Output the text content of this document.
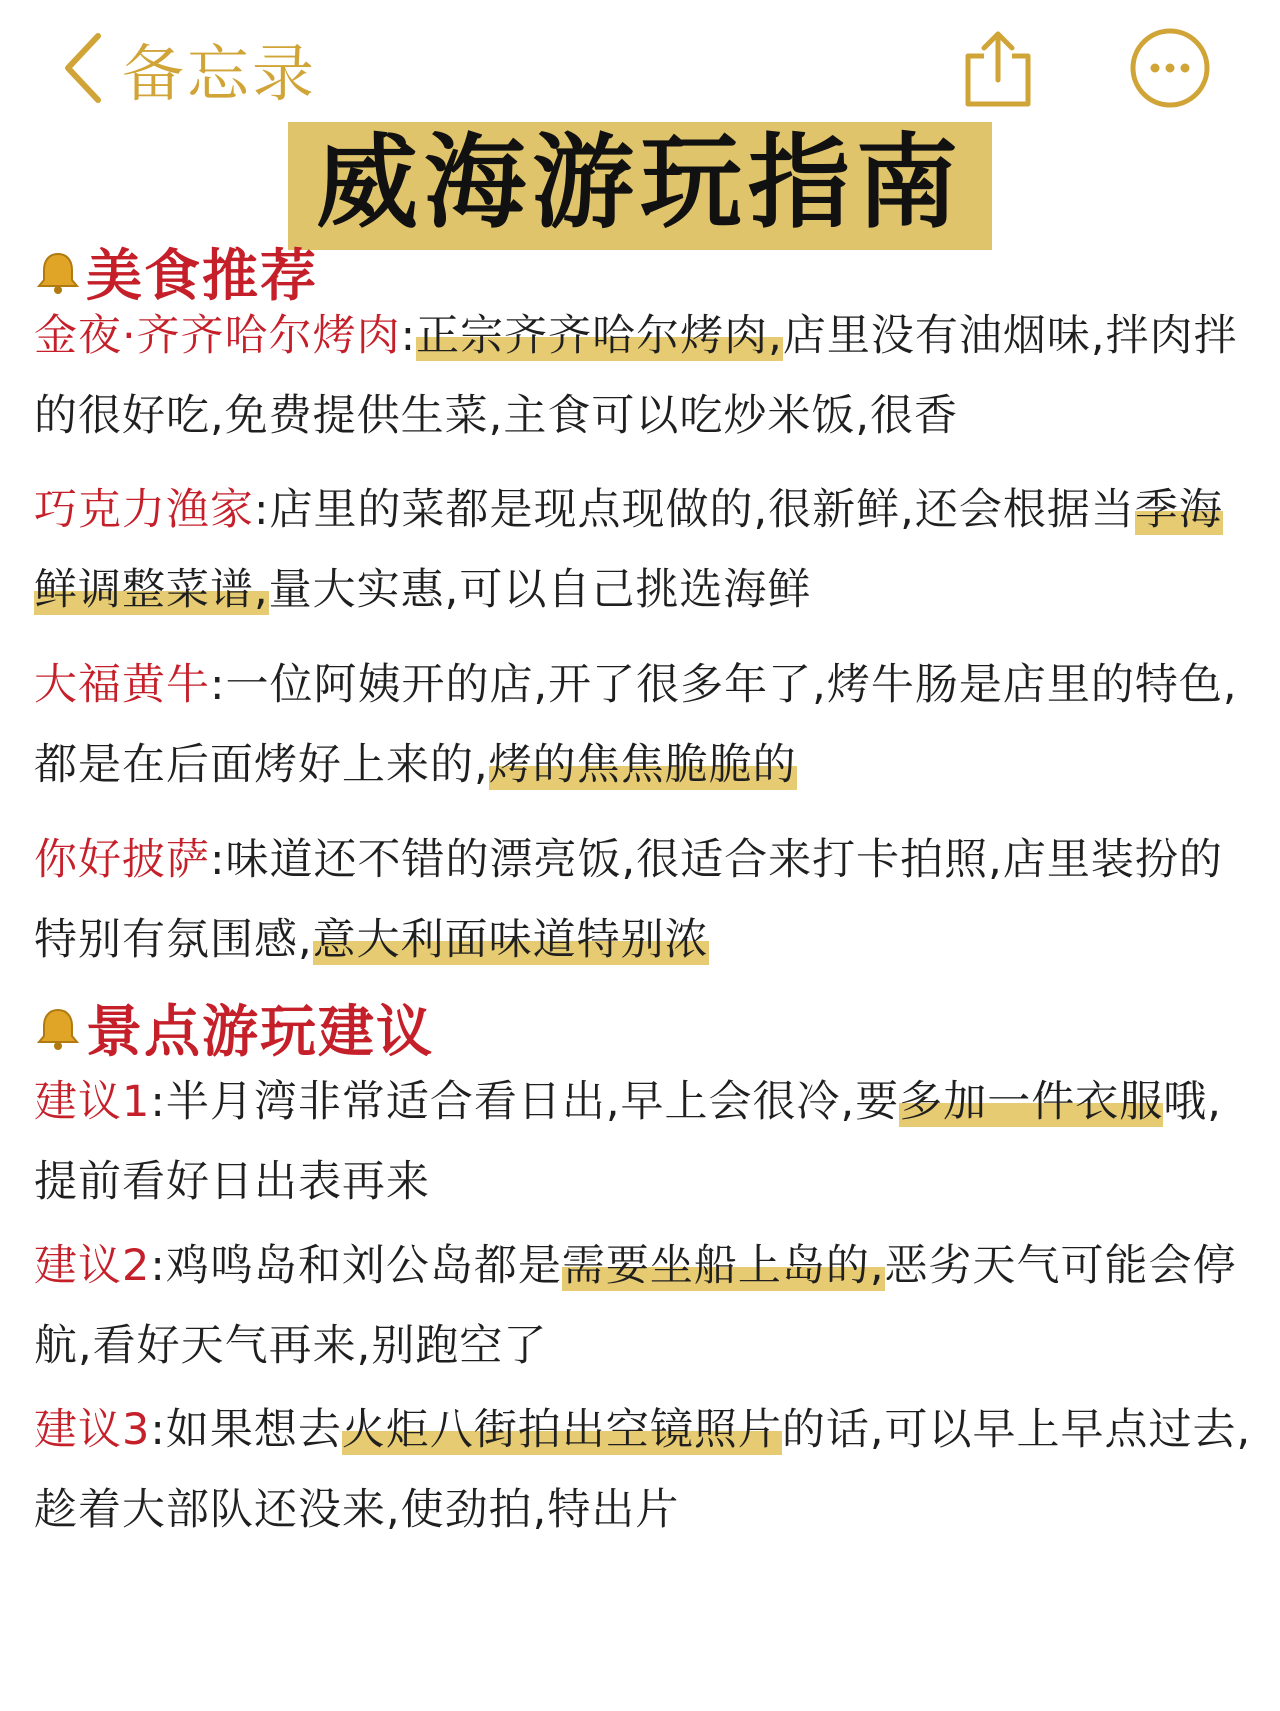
备忘录
威海游玩指南
美食推荐
金夜·齐齐哈尔烤肉:正宗齐齐哈尔烤肉,店里没有油烟味,拌肉拌的很好吃,免费提供生菜,主食可以吃炒米饭,很香
巧克力渔家:店里的菜都是现点现做的,很新鲜,还会根据当季海鲜调整菜谱,量大实惠,可以自己挑选海鲜
大福黄牛:一位阿姨开的店,开了很多年了,烤牛肠是店里的特色,都是在后面烤好上来的,烤的焦焦脆脆的
你好披萨:味道还不错的漂亮饭,很适合来打卡拍照,店里装扮的特别有氛围感,意大利面味道特别浓
景点游玩建议
建议1:半月湾非常适合看日出,早上会很冷,要多加一件衣服哦,提前看好日出表再来
建议2:鸡鸣岛和刘公岛都是需要坐船上岛的,恶劣天气可能会停航,看好天气再来,别跑空了
建议3:如果想去火炬八街拍出空镜照片的话,可以早上早点过去,趁着大部队还没来,使劲拍,特出片
